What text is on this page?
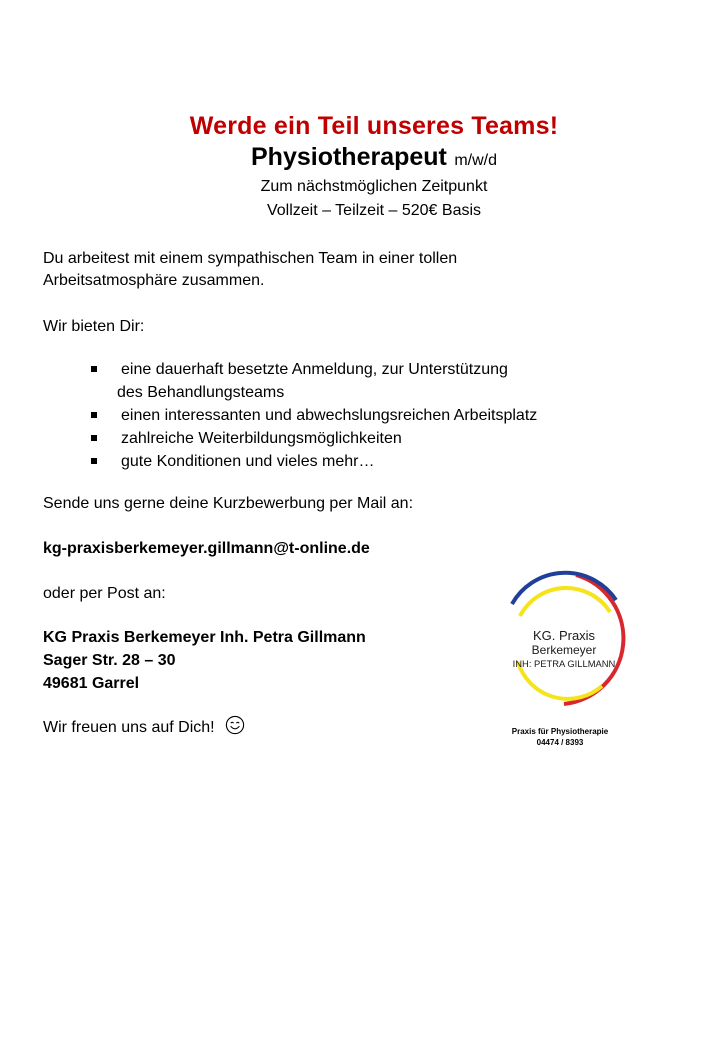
Werde ein Teil unseres Teams!
Physiotherapeut m/w/d
Zum nächstmöglichen Zeitpunkt
Vollzeit – Teilzeit – 520€ Basis
Du arbeitest mit einem sympathischen Team in einer tollen
Arbeitsatmosphäre zusammen.
Wir bieten Dir:
eine dauerhaft besetzte Anmeldung, zur Unterstützung
des Behandlungsteams
einen interessanten und abwechslungsreichen Arbeitsplatz
zahlreiche Weiterbildungsmöglichkeiten
gute Konditionen und vieles mehr…
Sende uns gerne deine Kurzbewerbung per Mail an:
kg-praxisberkemeyer.gillmann@t-online.de
oder per Post an:
KG Praxis Berkemeyer Inh. Petra Gillmann
Sager Str. 28 – 30
49681 Garrel
Wir freuen uns auf Dich!
KG. Praxis
Berkemeyer
INH: PETRA GILLMANN
Praxis für Physiotherapie
04474 / 8393
